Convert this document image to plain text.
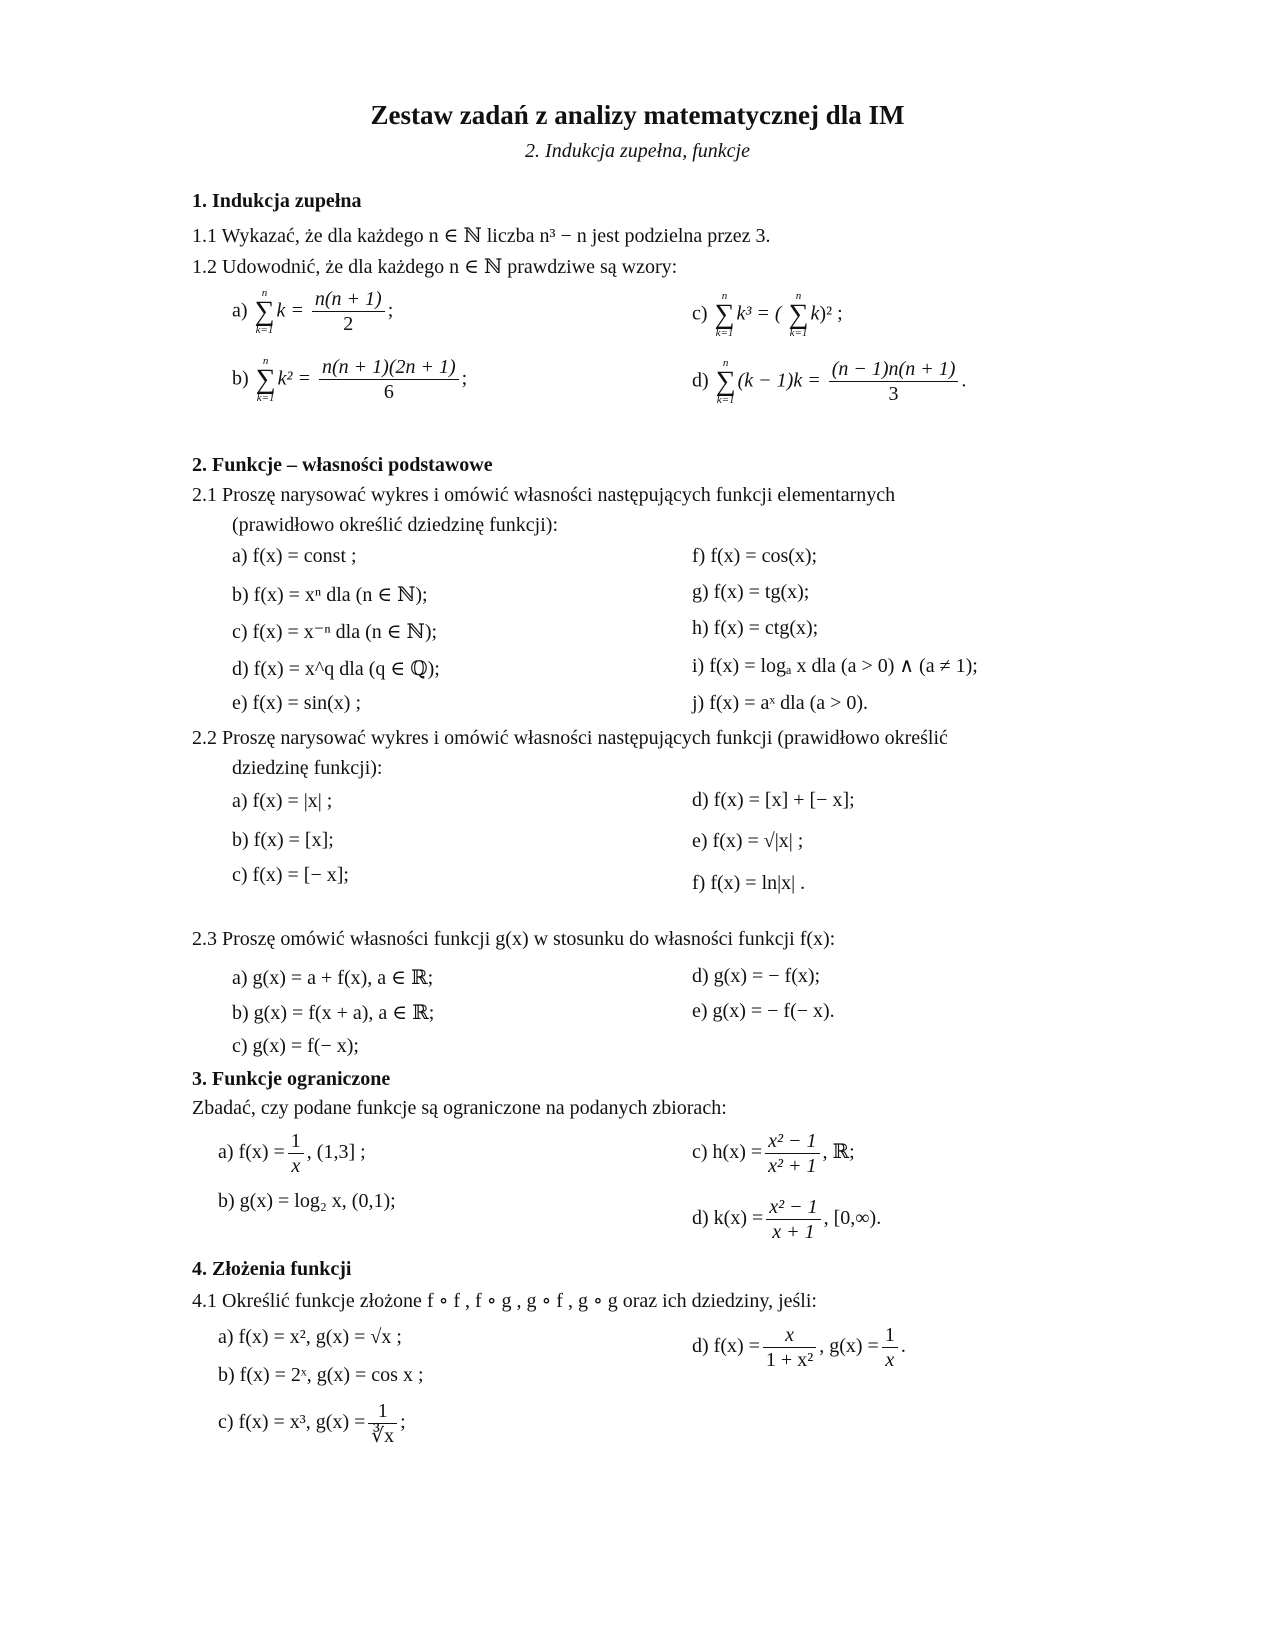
Zestaw zadań z analizy matematycznej dla IM
2. Indukcja zupełna, funkcje
1. Indukcja zupełna
1.1 Wykazać, że dla każdego n ∈ ℕ liczba n³ − n jest podzielna przez 3.
1.2 Udowodnić, że dla każdego n ∈ ℕ prawdziwe są wzory:
a)
n
∑
k=1
$k = \frac{n(n + 1)}{2}$ ;
b)
n
∑
k=1
$k^2 = \frac{n(n + 1)(2n + 1)}{6}$ ;
c)
n
∑
k=1
k³ = (
n
∑
k=1
k)² ;
d)
n
∑
k=1
$(k - 1)k = \frac{(n - 1)n(n + 1)}{3}$ .
2. Funkcje – własności podstawowe
2.1 Proszę narysować wykres i omówić własności następujących funkcji elementarnych
(prawidłowo określić dziedzinę funkcji):
a) f(x) = const ;
b) f(x) = xⁿ dla (n ∈ ℕ);
c) f(x) = x⁻ⁿ dla (n ∈ ℕ);
d) f(x) = x^q dla (q ∈ ℚ);
e) f(x) = sin(x) ;
f) f(x) = cos(x);
g) f(x) = tg(x);
h) f(x) = ctg(x);
i) f(x) = logₐ x dla (a > 0) ∧ (a ≠ 1);
j) f(x) = aˣ dla (a > 0).
2.2 Proszę narysować wykres i omówić własności następujących funkcji (prawidłowo określić
dziedzinę funkcji):
a) f(x) = |x| ;
b) f(x) = [x];
c) f(x) = [− x];
d) f(x) = [x] + [− x];
e) f(x) = √|x| ;
f) f(x) = ln|x| .
2.3 Proszę omówić własności funkcji g(x) w stosunku do własności funkcji f(x):
a) g(x) = a + f(x), a ∈ ℝ;
b) g(x) = f(x + a), a ∈ ℝ;
c) g(x) = f(− x);
d) g(x) = − f(x);
e) g(x) = − f(− x).
3. Funkcje ograniczone
Zbadać, czy podane funkcje są ograniczone na podanych zbiorach:
a) $f(x) = \frac{1}{x}$ , (1,3] ;
b) g(x) = log₂ x, (0,1);
c) $h(x) = \frac{\text{x² − 1}}{\text{x² + 1}}$ , ℝ;
d) $k(x) = \frac{\text{x² − 1}}{x + 1}$ , [0,∞).
4. Złożenia funkcji
4.1 Określić funkcje złożone f ∘ f , f ∘ g , g ∘ f , g ∘ g oraz ich dziedziny, jeśli:
a) f(x) = x², g(x) = √x ;
b) f(x) = 2ˣ, g(x) = cos x ;
c) f(x) = x³, $g(x) = \frac{1}{∛x}$ ;
d) $f(x) = \frac{x}{\text{1 + x²}}$ , $g(x) = \frac{1}{x}$ .
